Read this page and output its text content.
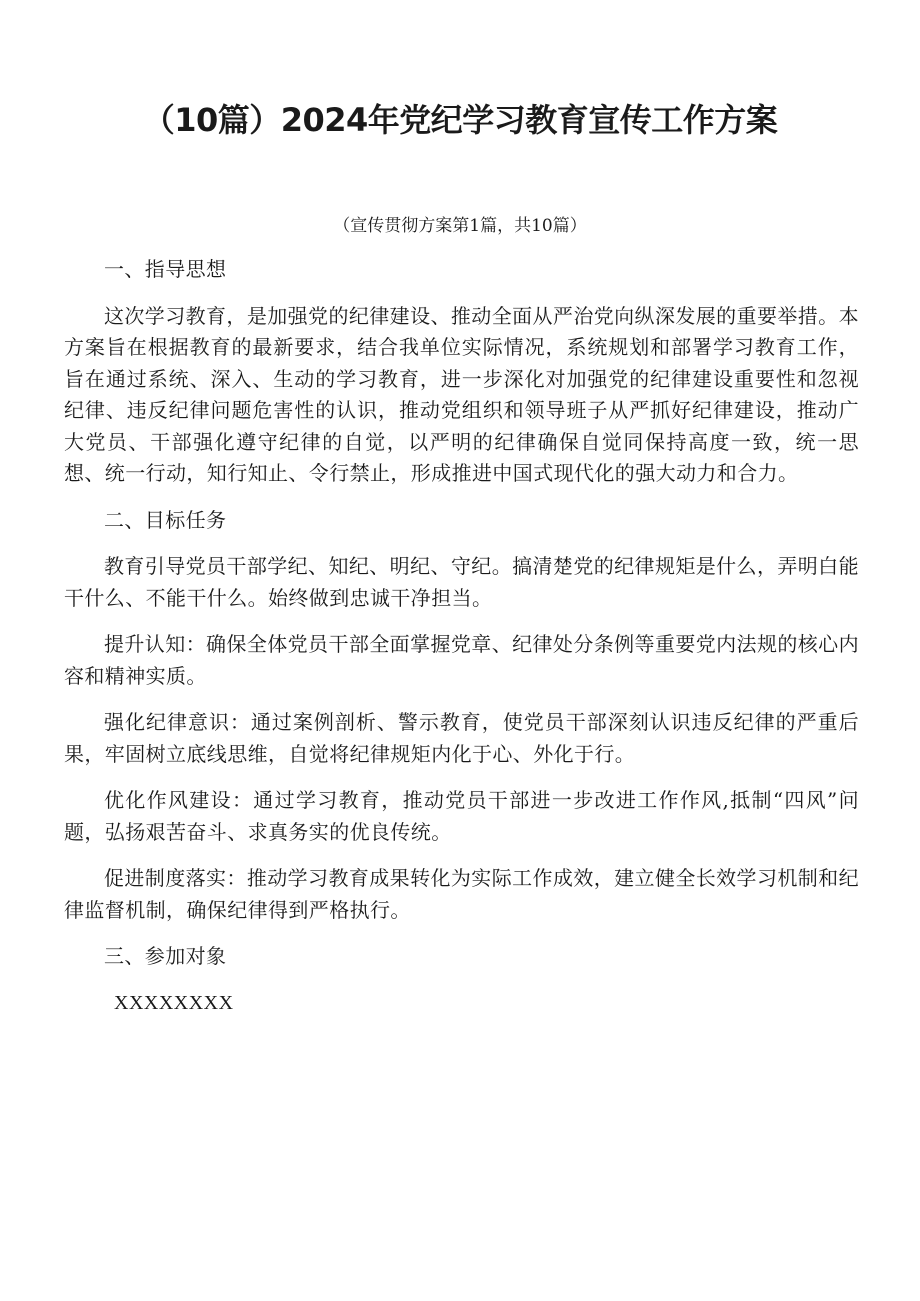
（10篇）2024年党纪学习教育宣传工作方案

（宣传贯彻方案第1篇，共10篇）

一、指导思想

这次学习教育，是加强党的纪律建设、推动全面从严治党向纵深发展的重要举措。本方案旨在根据教育的最新要求，结合我单位实际情况，系统规划和部署学习教育工作，旨在通过系统、深入、生动的学习教育，进一步深化对加强党的纪律建设重要性和忽视纪律、违反纪律问题危害性的认识，推动党组织和领导班子从严抓好纪律建设，推动广大党员、干部强化遵守纪律的自觉，以严明的纪律确保自觉同保持高度一致，统一思想、统一行动，知行知止、令行禁止，形成推进中国式现代化的强大动力和合力。

二、目标任务

教育引导党员干部学纪、知纪、明纪、守纪。搞清楚党的纪律规矩是什么，弄明白能干什么、不能干什么。始终做到忠诚干净担当。

提升认知：确保全体党员干部全面掌握党章、纪律处分条例等重要党内法规的核心内容和精神实质。

强化纪律意识：通过案例剖析、警示教育，使党员干部深刻认识违反纪律的严重后果，牢固树立底线思维，自觉将纪律规矩内化于心、外化于行。

优化作风建设：通过学习教育，推动党员干部进一步改进工作作风,抵制“四风”问题，弘扬艰苦奋斗、求真务实的优良传统。

促进制度落实：推动学习教育成果转化为实际工作成效，建立健全长效学习机制和纪律监督机制，确保纪律得到严格执行。

三、参加对象

XXXXXXXX
